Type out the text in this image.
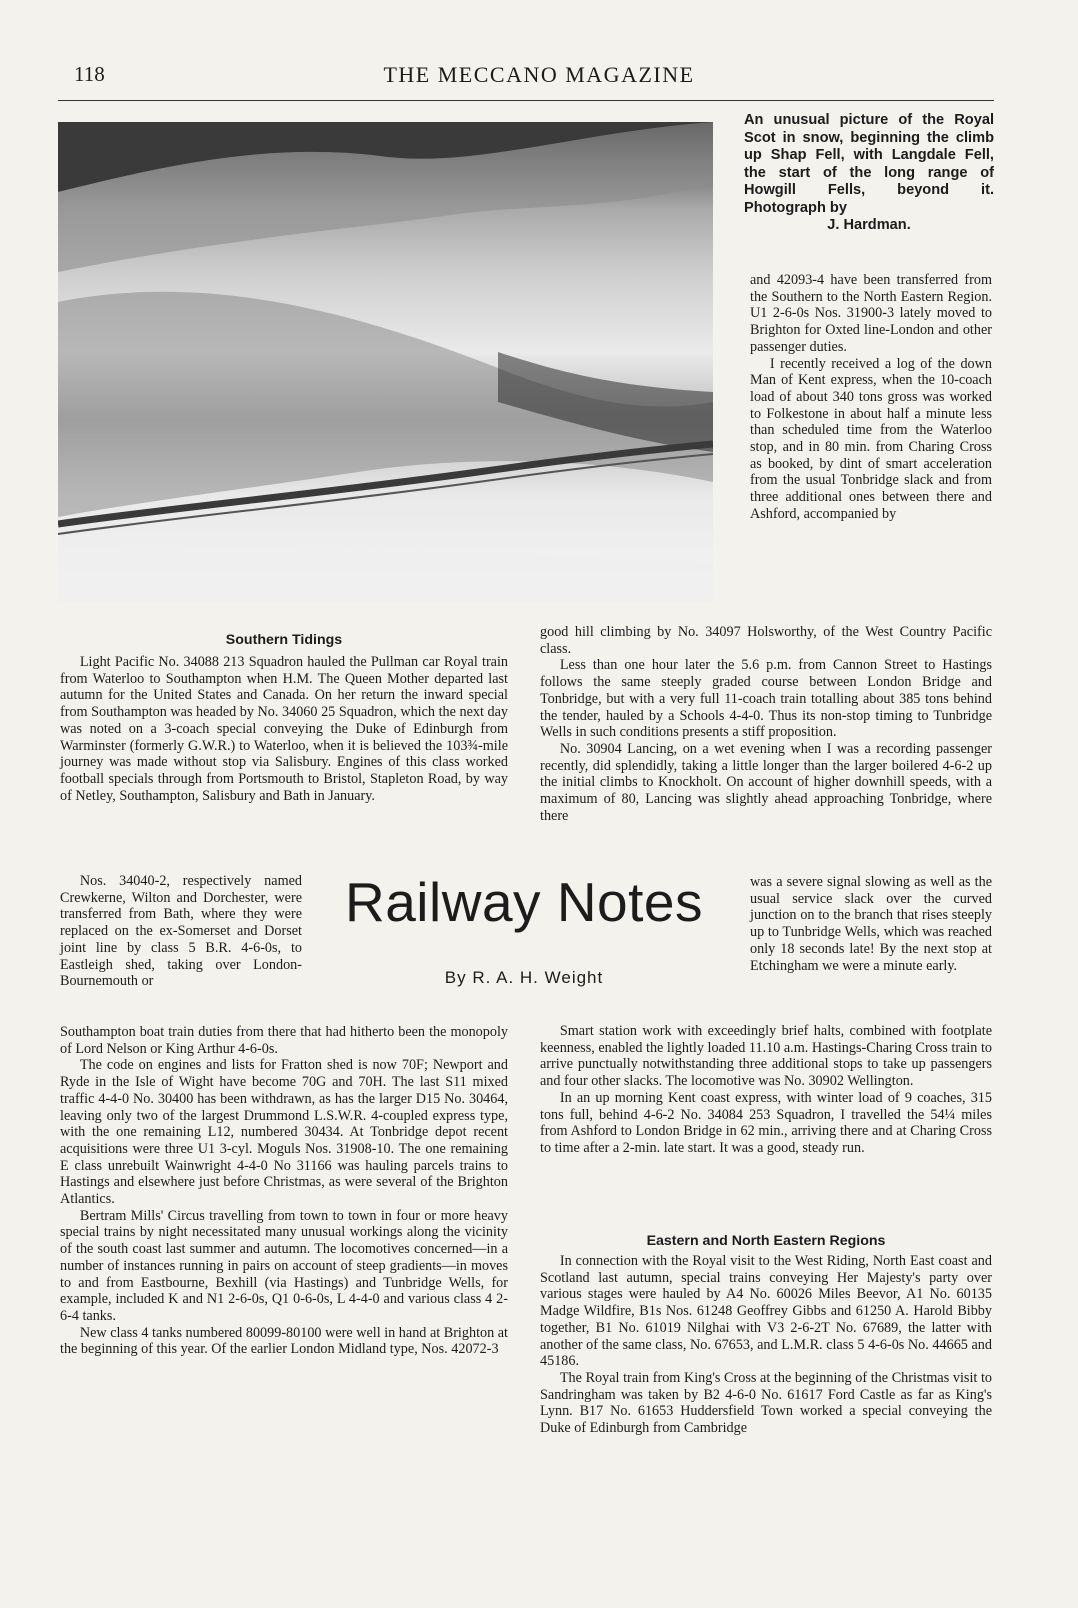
118	THE MECCANO MAGAZINE
An unusual picture of the Royal Scot in snow, beginning the climb up Shap Fell, with Langdale Fell, the start of the long range of Howgill Fells, beyond it. Photograph by
J. Hardman.

and 42093-4 have been transferred from the Southern to the North Eastern Region. U1 2-6-0s Nos. 31900-3 lately moved to Brighton for Oxted line-London and other passenger duties.

I recently received a log of the down Man of Kent express, when the 10-coach load of about 340 tons gross was worked to Folkestone in about half a minute less than scheduled time from the Waterloo stop, and in 80 min. from Charing Cross as booked, by dint of smart acceleration from the usual Tonbridge slack and from three additional ones between there and Ashford, accompanied by

good hill climbing by No. 34097 Holsworthy, of the West Country Pacific class.

Less than one hour later the 5.6 p.m. from Cannon Street to Hastings follows the same steeply graded course between London Bridge and Tonbridge, but with a very full 11-coach train totalling about 385 tons behind the tender, hauled by a Schools 4-4-0. Thus its non-stop timing to Tunbridge Wells in such conditions presents a stiff proposition.

No. 30904 Lancing, on a wet evening when I was a recording passenger recently, did splendidly, taking a little longer than the larger boilered 4-6-2 up the initial climbs to Knockholt. On account of higher downhill speeds, with a maximum of 80, Lancing was slightly ahead approaching Tonbridge, where there

Southern Tidings

Light Pacific No. 34088 213 Squadron hauled the Pullman car Royal train from Waterloo to Southampton when H.M. The Queen Mother departed last autumn for the United States and Canada. On her return the inward special from Southampton was headed by No. 34060 25 Squadron, which the next day was noted on a 3-coach special conveying the Duke of Edinburgh from Warminster (formerly G.W.R.) to Waterloo, when it is believed the 103¾-mile journey was made without stop via Salisbury. Engines of this class worked football specials through from Portsmouth to Bristol, Stapleton Road, by way of Netley, Southampton, Salisbury and Bath in January.

Nos. 34040-2, respectively named Crewkerne, Wilton and Dorchester, were transferred from Bath, where they were replaced on the ex-Somerset and Dorset joint line by class 5 B.R. 4-6-0s, to Eastleigh shed, taking over London-Bournemouth or

Railway Notes
By R. A. H. Weight

was a severe signal slowing as well as the usual service slack over the curved junction on to the branch that rises steeply up to Tunbridge Wells, which was reached only 18 seconds late! By the next stop at Etchingham we were a minute early.

Southampton boat train duties from there that had hitherto been the monopoly of Lord Nelson or King Arthur 4-6-0s.

The code on engines and lists for Fratton shed is now 70F; Newport and Ryde in the Isle of Wight have become 70G and 70H. The last S11 mixed traffic 4-4-0 No. 30400 has been withdrawn, as has the larger D15 No. 30464, leaving only two of the largest Drummond L.S.W.R. 4-coupled express type, with the one remaining L12, numbered 30434. At Tonbridge depot recent acquisitions were three U1 3-cyl. Moguls Nos. 31908-10. The one remaining E class unrebuilt Wainwright 4-4-0 No 31166 was hauling parcels trains to Hastings and elsewhere just before Christmas, as were several of the Brighton Atlantics.

Bertram Mills' Circus travelling from town to town in four or more heavy special trains by night necessitated many unusual workings along the vicinity of the south coast last summer and autumn. The locomotives concerned—in a number of instances running in pairs on account of steep gradients—in moves to and from Eastbourne, Bexhill (via Hastings) and Tunbridge Wells, for example, included K and N1 2-6-0s, Q1 0-6-0s, L 4-4-0 and various class 4 2-6-4 tanks.

New class 4 tanks numbered 80099-80100 were well in hand at Brighton at the beginning of this year. Of the earlier London Midland type, Nos. 42072-3

Smart station work with exceedingly brief halts, combined with footplate keenness, enabled the lightly loaded 11.10 a.m. Hastings-Charing Cross train to arrive punctually notwithstanding three additional stops to take up passengers and four other slacks. The locomotive was No. 30902 Wellington.

In an up morning Kent coast express, with winter load of 9 coaches, 315 tons full, behind 4-6-2 No. 34084 253 Squadron, I travelled the 54¼ miles from Ashford to London Bridge in 62 min., arriving there and at Charing Cross to time after a 2-min. late start. It was a good, steady run.

Eastern and North Eastern Regions

In connection with the Royal visit to the West Riding, North East coast and Scotland last autumn, special trains conveying Her Majesty's party over various stages were hauled by A4 No. 60026 Miles Beevor, A1 No. 60135 Madge Wildfire, B1s Nos. 61248 Geoffrey Gibbs and 61250 A. Harold Bibby together, B1 No. 61019 Nilghai with V3 2-6-2T No. 67689, the latter with another of the same class, No. 67653, and L.M.R. class 5 4-6-0s No. 44665 and 45186.

The Royal train from King's Cross at the beginning of the Christmas visit to Sandringham was taken by B2 4-6-0 No. 61617 Ford Castle as far as King's Lynn. B17 No. 61653 Huddersfield Town worked a special conveying the Duke of Edinburgh from Cambridge
